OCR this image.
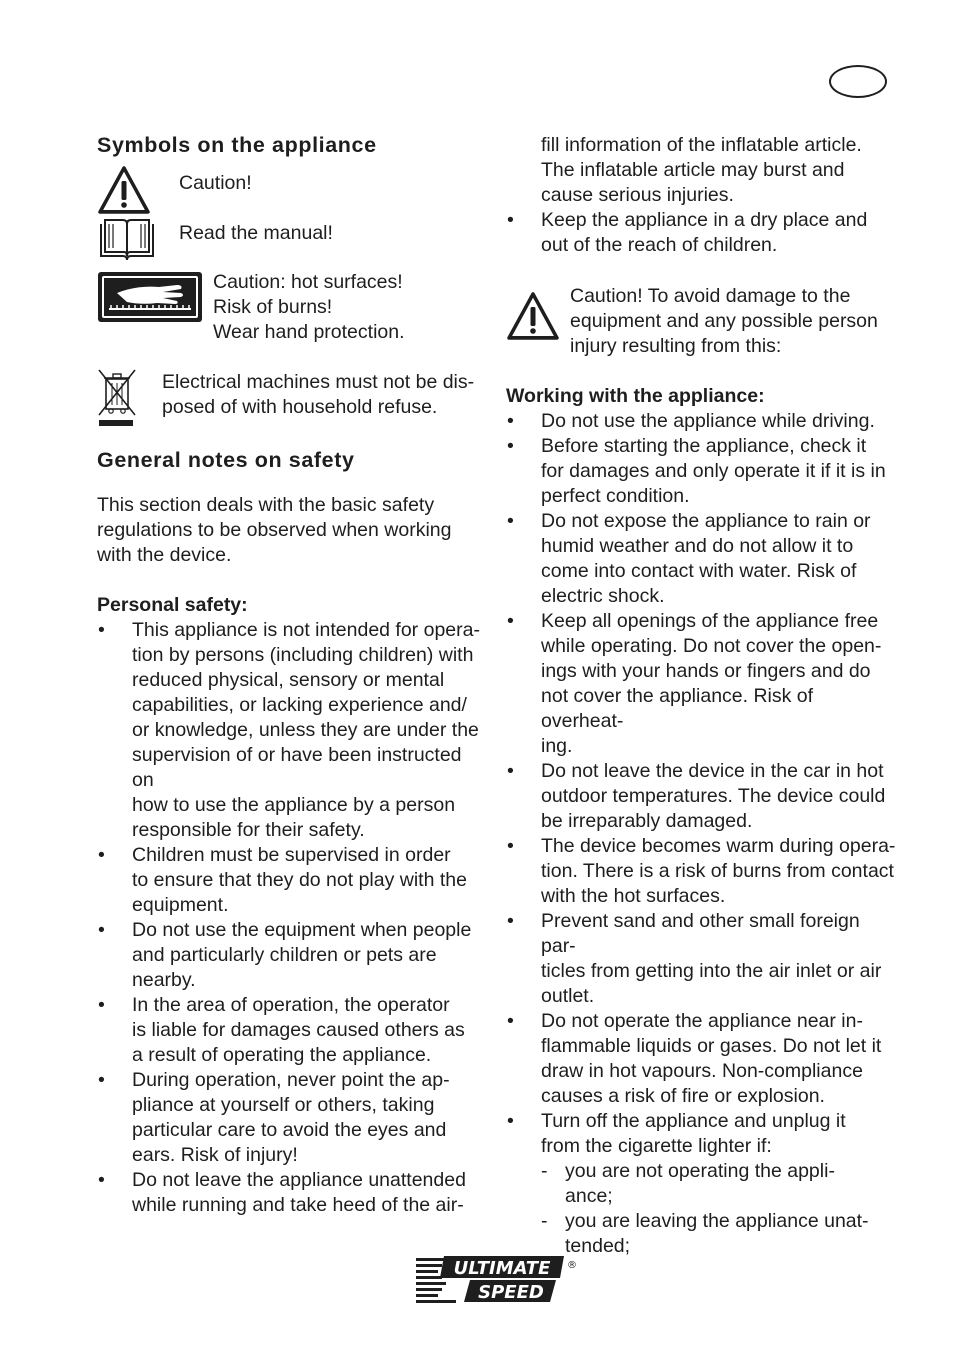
Symbols on the appliance

Caution!

Read the manual!

Caution: hot surfaces!

Risk of burns!

Wear hand protection.

Electrical machines must not be dis-

posed of with household refuse.

General notes on safety

This section deals with the basic safety

regulations to be observed when working

with the device.

Personal safety:

• This appliance is not intended for opera-

tion by persons (including children) with

reduced physical, sensory or mental

capabilities, or lacking experience and/

or knowledge, unless they are under the

supervision of or have been instructed on

how to use the appliance by a person

responsible for their safety.

• Children must be supervised in order

to ensure that they do not play with the

equipment.

• Do not use the equipment when people

and particularly children or pets are

nearby.

• In the area of operation, the operator

is liable for damages caused others as

a result of operating the appliance.

• During operation, never point the ap-

pliance at yourself or others, taking

particular care to avoid the eyes and

ears. Risk of injury!

• Do not leave the appliance unattended

while running and take heed of the air-

fill information of the inflatable article.

The inflatable article may burst and

cause serious injuries.

• Keep the appliance in a dry place and

out of the reach of children.

Caution! To avoid damage to the

equipment and any possible person

injury resulting from this:

Working with the appliance:

• Do not use the appliance while driving.

• Before starting the appliance, check it

for damages and only operate it if it is in

perfect condition.

• Do not expose the appliance to rain or

humid weather and do not allow it to

come into contact with water. Risk of

electric shock.

• Keep all openings of the appliance free

while operating. Do not cover the open-

ings with your hands or fingers and do

not cover the appliance. Risk of overheat-

ing.

• Do not leave the device in the car in hot

outdoor temperatures. The device could

be irreparably damaged.

• The device becomes warm during opera-

tion. There is a risk of burns from contact

with the hot surfaces.

• Prevent sand and other small foreign par-

ticles from getting into the air inlet or air

outlet.

• Do not operate the appliance near in-

flammable liquids or gases. Do not let it

draw in hot vapours. Non-compliance

causes a risk of fire or explosion.

• Turn off the appliance and unplug it

from the cigarette lighter if:

- you are not operating the appli-

ance;

- you are leaving the appliance unat-

tended;

ULTIMATE
SPEED
®
